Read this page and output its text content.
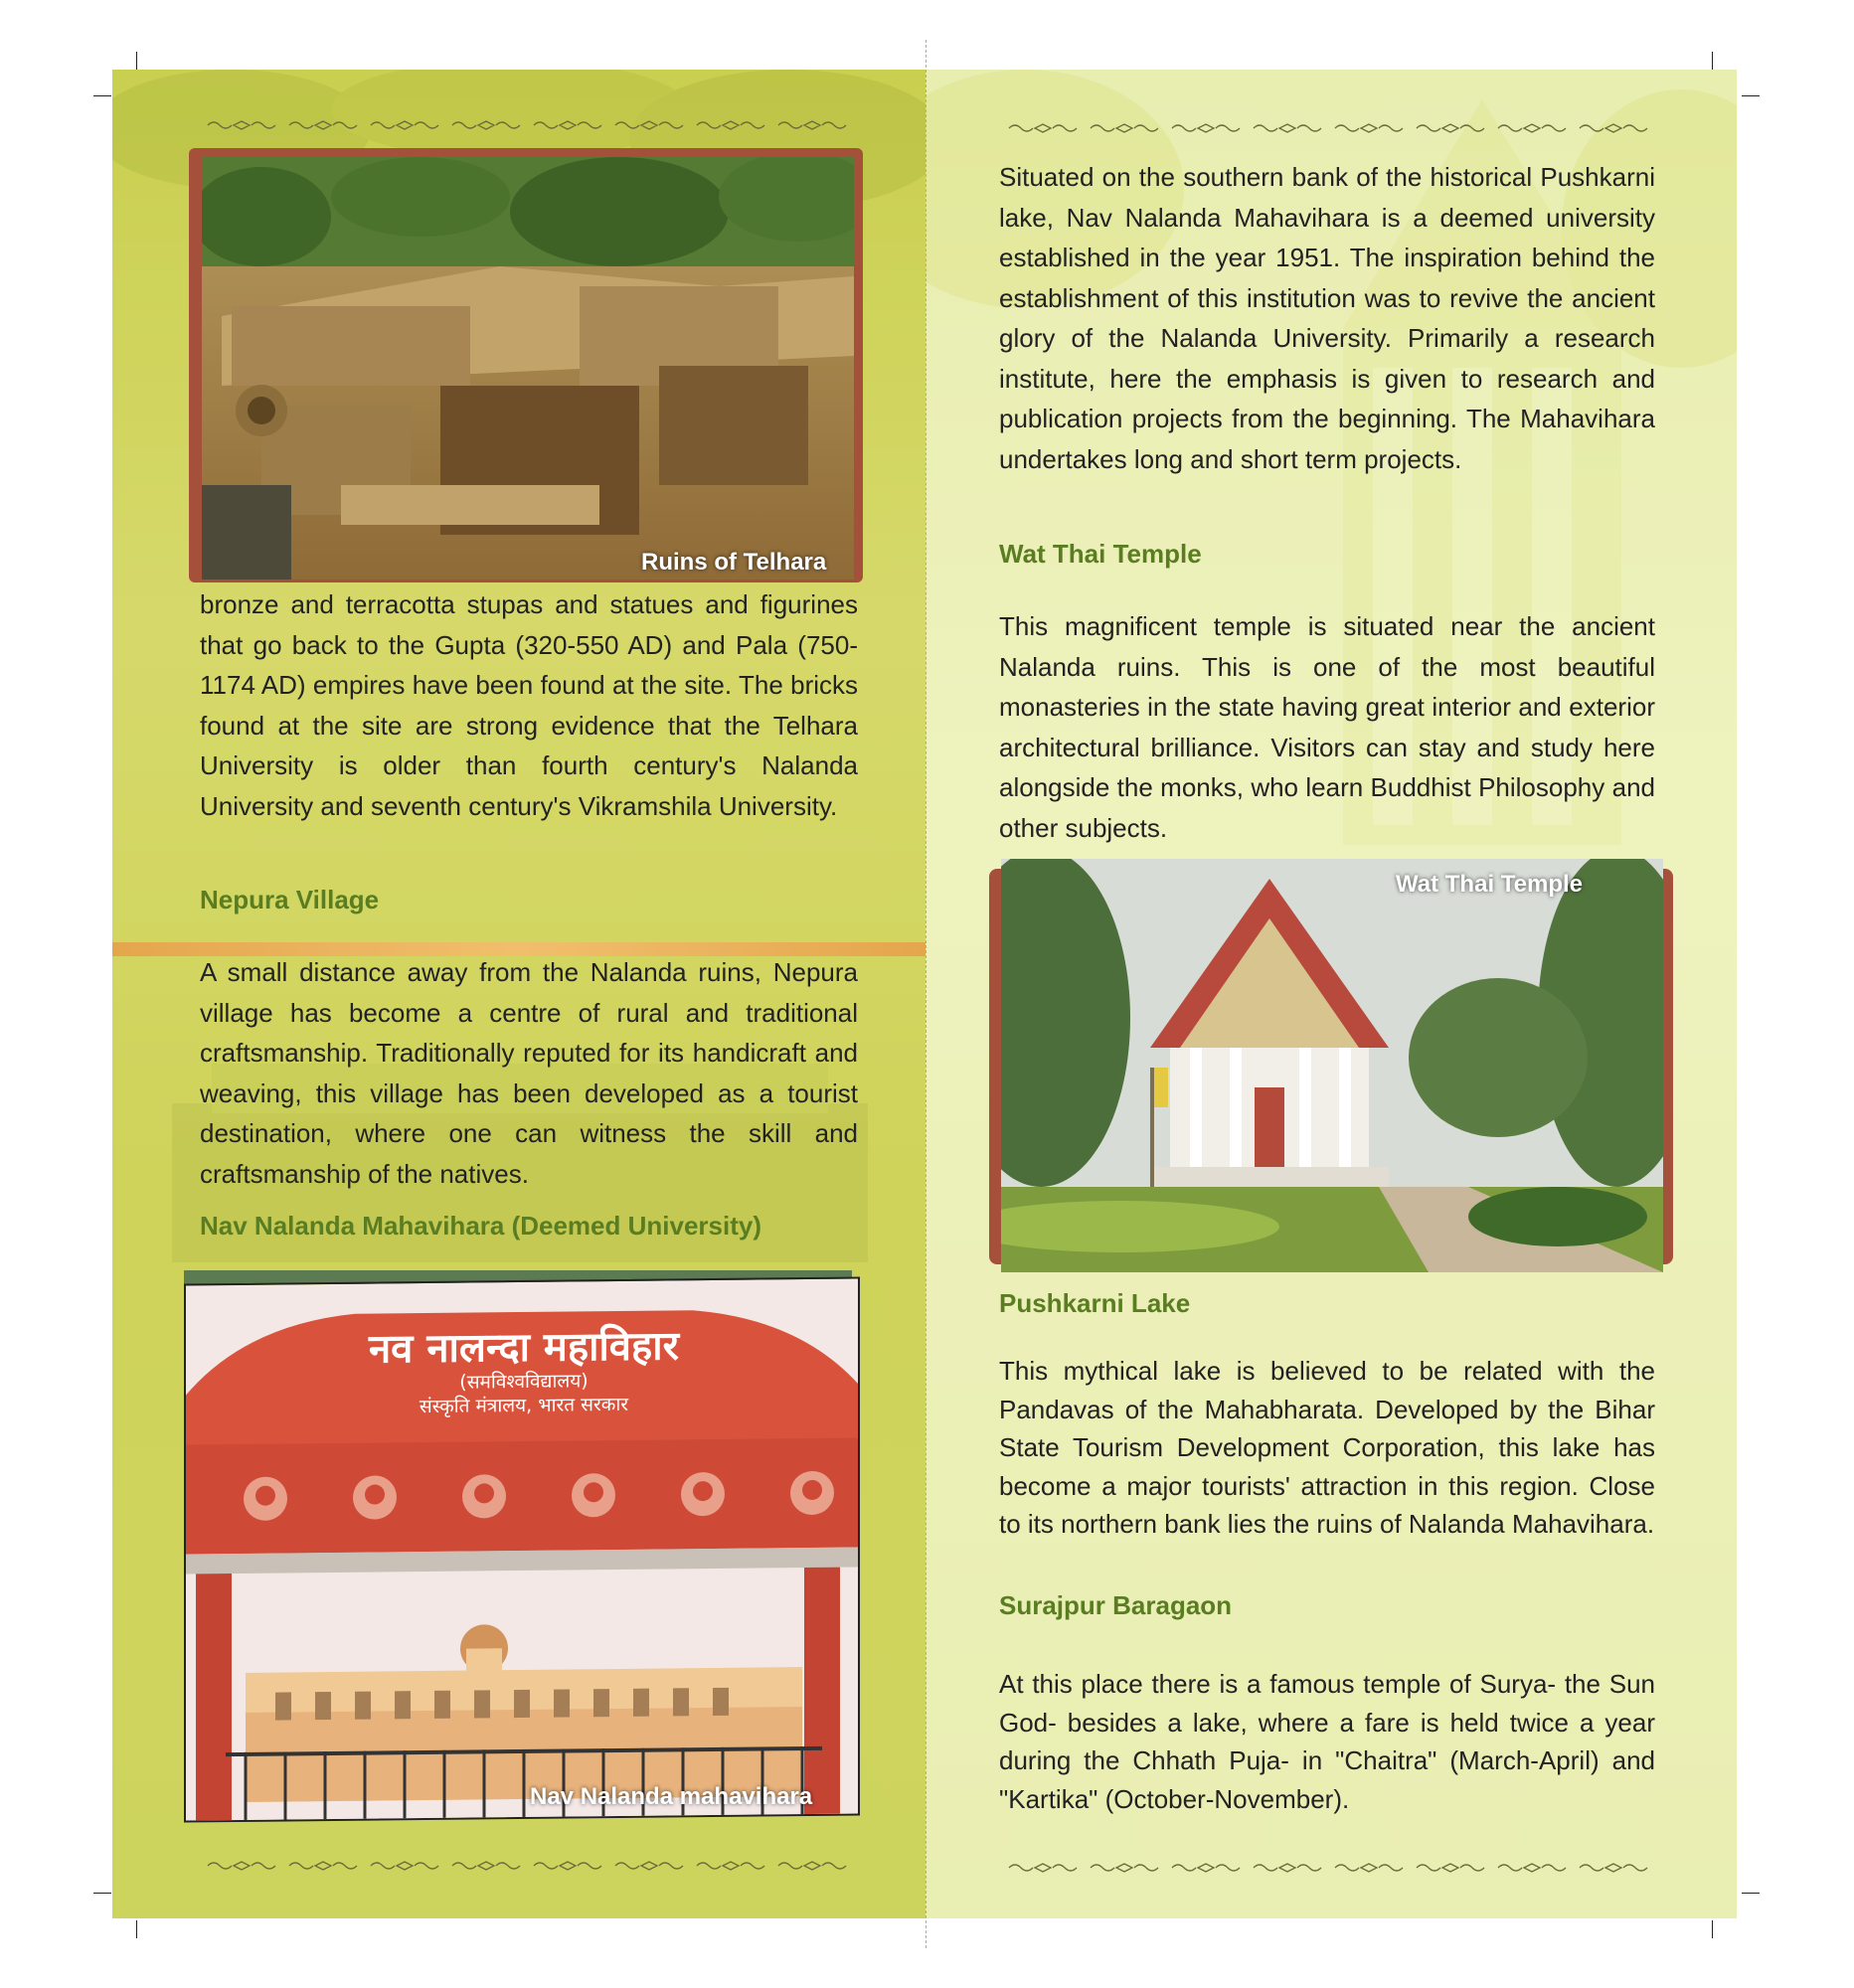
Ruins of Telhara
bronze and terracotta stupas and statues and figurines that go back to the Gupta (320-550 AD) and Pala (750-1174 AD) empires have been found at the site. The bricks found at the site are strong evidence that the Telhara University is older than fourth century's Nalanda University and seventh century's Vikramshila University.
Nepura Village
A small distance away from the Nalanda ruins, Nepura village has become a centre of rural and traditional craftsmanship. Traditionally reputed for its handicraft and weaving, this village has been developed as a tourist destination, where one can witness the skill and craftsmanship of the natives.
Nav Nalanda Mahavihara (Deemed University)
नव नालन्दा महाविहार
(समविश्वविद्यालय)
संस्कृति मंत्रालय, भारत सरकार
Nav Nalanda mahavihara
Situated on the southern bank of the historical Pushkarni lake, Nav Nalanda Mahavihara is a deemed university established in the year 1951. The inspiration behind the establishment of this institution was to revive the ancient glory of the Nalanda University. Primarily a research institute, here the emphasis is given to research and publication projects from the beginning. The Mahavihara undertakes long and short term projects.
Wat Thai Temple
This magnificent temple is situated near the ancient Nalanda ruins. This is one of the most beautiful monasteries in the state having great interior and exterior architectural brilliance. Visitors can stay and study here alongside the monks, who learn Buddhist Philosophy and other subjects.
Wat Thai Temple
Pushkarni Lake
This mythical lake is believed to be related with the Pandavas of the Mahabharata. Developed by the Bihar State Tourism Development Corporation, this lake has become a major tourists' attraction in this region. Close to its northern bank lies the ruins of Nalanda Mahavihara.
Surajpur Baragaon
At this place there is a famous temple of Surya- the Sun God- besides a lake, where a fare is held twice a year during the Chhath Puja- in "Chaitra" (March-April) and "Kartika" (October-November).
